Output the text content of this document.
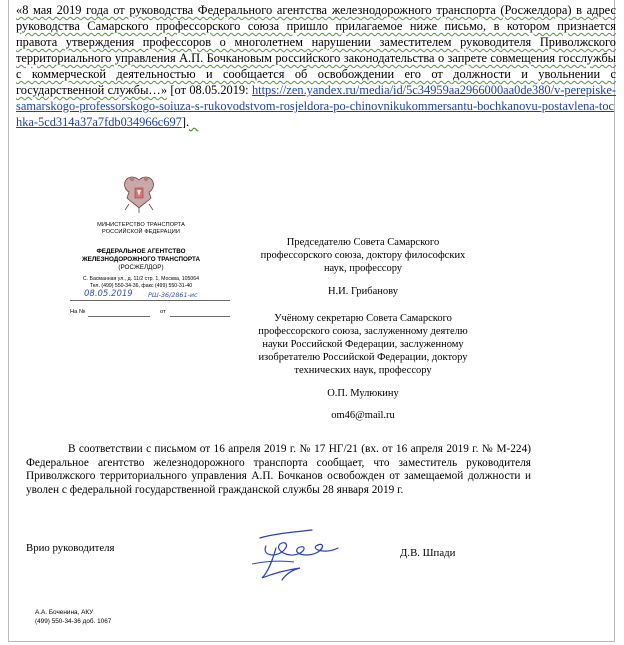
«8 мая 2019 года от руководства Федерального агентства железнодорожного транспорта (Росжелдора) в адрес руководства Самарского профессорского союза пришло прилагаемое ниже письмо, в котором признается правота утверждения профессоров о многолетнем нарушении заместителем руководителя Приволжского территориального управления А.П. Бочкановым российского законодательства о запрете совмещения госслужбы с коммерческой деятельностью и сообщается об освобождении его от должности и увольнении с государственной службы…» [от 08.05.2019: https://zen.yandex.ru/media/id/5c34959aa2966000aa0de380/v-perepiske-samarskogo-professorskogo-soiuza-s-rukovodstvom-rosjeldora-po-chinovnikukommersantu-bochkanovu-postavlena-tochka-5cd314a37a7fdb034966c697].
МИНИСТЕРСТВО ТРАНСПОРТА
РОССИЙСКОЙ ФЕДЕРАЦИИ
ФЕДЕРАЛЬНОЕ АГЕНТСТВО
ЖЕЛЕЗНОДОРОЖНОГО ТРАНСПОРТА
(РОСЖЕЛДОР)
С. Басманная ул., д. 11/2 стр. 1, Москва, 105064
Тел. (499) 550-34-36, факс (499) 550-31-40
08.05.2019 РШ-36/2861-ис
На №	от
Председателю Совета Самарского
профессорского союза, доктору философских
наук, профессору
Н.И. Грибанову
Учёному секретарю Совета Самарского
профессорского союза, заслуженному деятелю
науки Российской Федерации, заслуженному
изобретателю Российской Федерации, доктору
технических наук, профессору
О.П. Мулюкину
om46@mail.ru
В соответствии с письмом от 16 апреля 2019 г. № 17 НГ/21 (вх. от 16 апреля 2019 г. № М-224) Федеральное агентство железнодорожного транспорта сообщает, что заместитель руководителя Приволжского территориального управления А.П. Бочканов освобожден от замещаемой должности и уволен с федеральной государственной гражданской службы 28 января 2019 г.
Врио руководителя	Д.В. Шпади
А.А. Боченина, АКУ
(499) 550-34-36 доб. 1067
